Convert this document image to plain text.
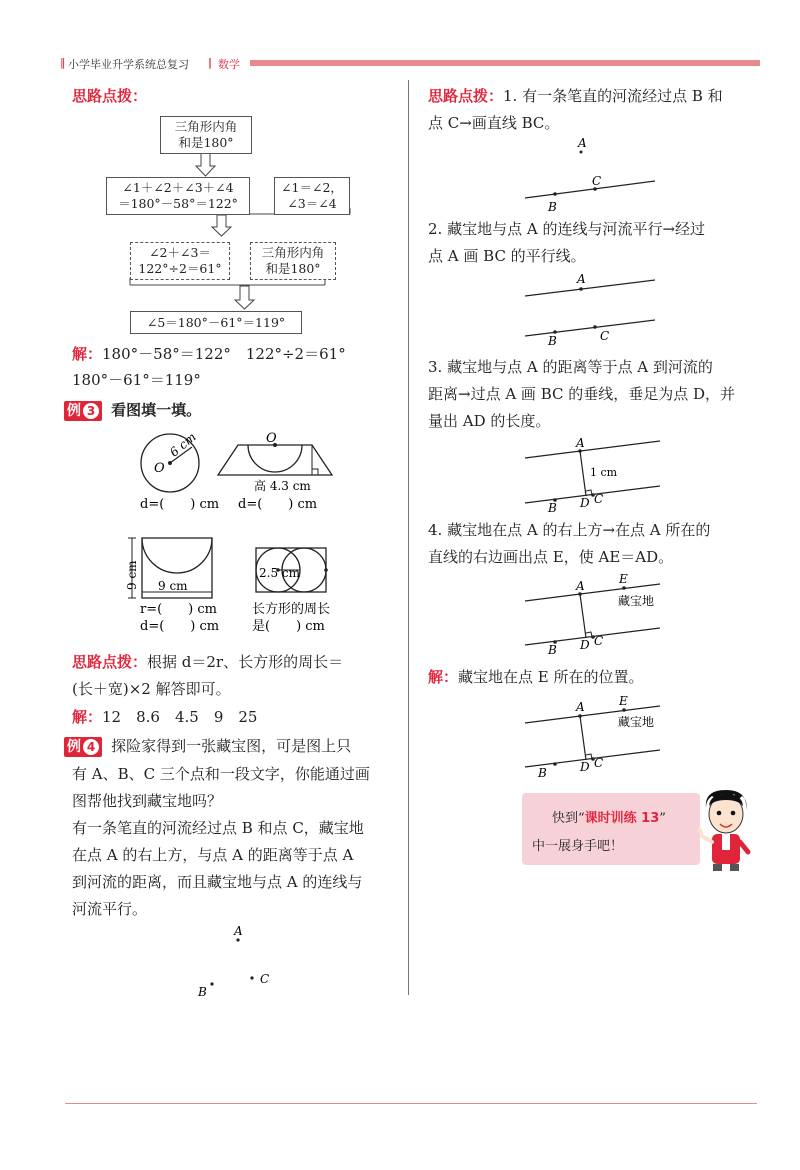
‖ 小学毕业升学系统总复习 | 数学
思路点拨：
三角形内角
和是180°
∠1＋∠2＋∠3＋∠4
＝180°－58°＝122°
∠1＝∠2，
∠3＝∠4
∠2＋∠3＝
122°÷2＝61°
三角形内角
和是180°
∠5＝180°－61°＝119°
解：180°－58°＝122°　122°÷2＝61°
180°－61°＝119°
例 3 看图填一填。
O
6 cm
d=(　　) cm
O
高 4.3 cm
d=(　　) cm
9 cm 9 cm
r=(　　) cm
d=(　　) cm
2.5 cm
长方形的周长
是(　　) cm
思路点拨：根据 d＝2r、长方形的周长＝
(长＋宽)×2 解答即可。
解：12　8.6　4.5　9　25
例 4 探险家得到一张藏宝图，可是图上只
有 A、B、C 三个点和一段文字，你能通过画
图帮他找到藏宝地吗？
有一条笔直的河流经过点 B 和点 C，藏宝地
在点 A 的右上方，与点 A 的距离等于点 A
到河流的距离，而且藏宝地与点 A 的连线与
河流平行。
A
B
C
思路点拨：1. 有一条笔直的河流经过点 B 和
点 C→画直线 BC。
A
B
C
2. 藏宝地与点 A 的连线与河流平行→经过
点 A 画 BC 的平行线。
A
B	C
3. 藏宝地与点 A 的距离等于点 A 到河流的
距离→过点 A 画 BC 的垂线，垂足为点 D，并
量出 AD 的长度。
A
1 cm
B D C
4. 藏宝地在点 A 的右上方→在点 A 所在的
直线的右边画出点 E，使 AE＝AD。
A	E
藏宝地
B D C
解：藏宝地在点 E 所在的位置。
A	E
藏宝地
B	D C
快到“课时训练 13”
中一展身手吧！
